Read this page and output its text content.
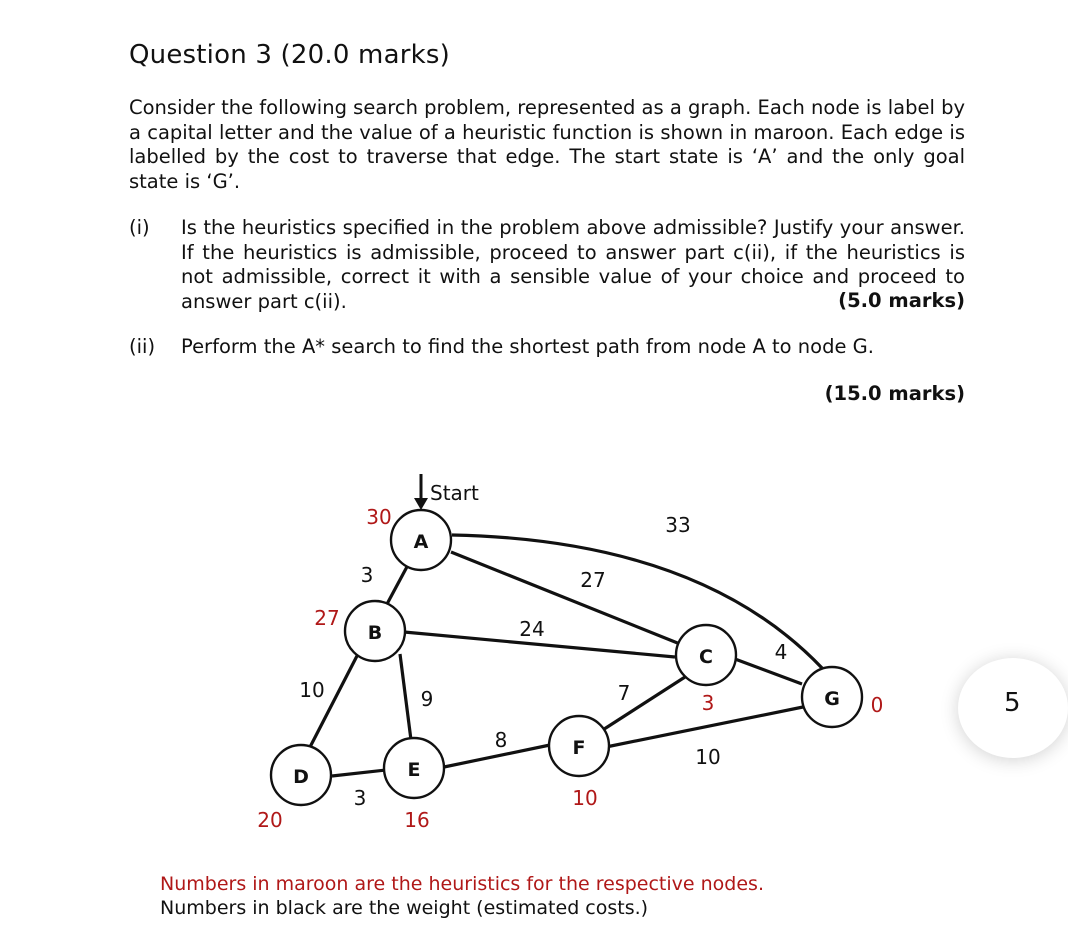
Question 3 (20.0 marks)
Consider the following search problem, represented as a graph. Each node is label by a capital letter and the value of a heuristic function is shown in maroon. Each edge is labelled by the cost to traverse that edge. The start state is ‘A’ and the only goal state is ‘G’.
(i) Is the heuristics specified in the problem above admissible? Justify your answer. If the heuristics is admissible, proceed to answer part c(ii), if the heuristics is not admissible, correct it with a sensible value of your choice and proceed to answer part c(ii).	(5.0 marks)
(ii) Perform the A* search to find the shortest path from node A to node G.
(15.0 marks)
Start
A
B
C
D	E
F
G
30
27
3
20	16
10
0
3	27
33
24
10	9	7
4
3
8
10
Numbers in maroon are the heuristics for the respective nodes.
Numbers in black are the weight (estimated costs.)
5
